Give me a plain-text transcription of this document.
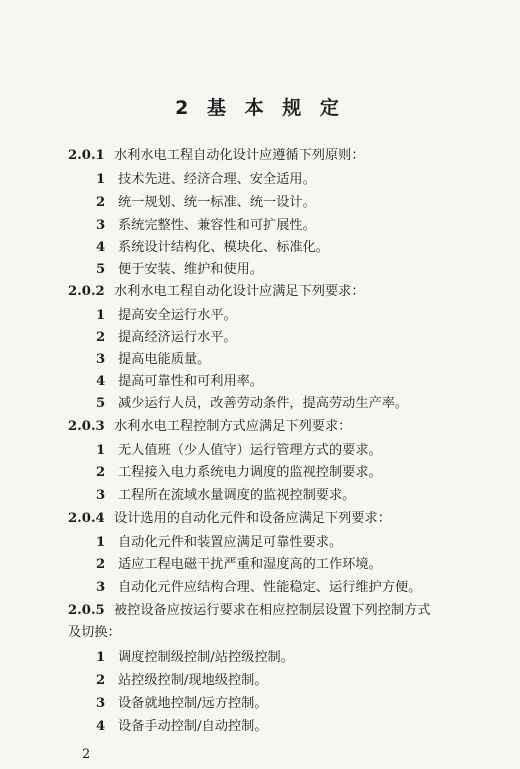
2 基 本 规 定
2.0.1 水利水电工程自动化设计应遵循下列原则：
1 技术先进、经济合理、安全适用。
2 统一规划、统一标准、统一设计。
3 系统完整性、兼容性和可扩展性。
4 系统设计结构化、模块化、标准化。
5 便于安装、维护和使用。
2.0.2 水利水电工程自动化设计应满足下列要求：
1 提高安全运行水平。
2 提高经济运行水平。
3 提高电能质量。
4 提高可靠性和可利用率。
5 减少运行人员，改善劳动条件，提高劳动生产率。
2.0.3 水利水电工程控制方式应满足下列要求：
1 无人值班（少人值守）运行管理方式的要求。
2 工程接入电力系统电力调度的监视控制要求。
3 工程所在流域水量调度的监视控制要求。
2.0.4 设计选用的自动化元件和设备应满足下列要求：
1 自动化元件和装置应满足可靠性要求。
2 适应工程电磁干扰严重和湿度高的工作环境。
3 自动化元件应结构合理、性能稳定、运行维护方便。
2.0.5 被控设备应按运行要求在相应控制层设置下列控制方式
及切换：
1 调度控制级控制/站控级控制。
2 站控级控制/现地级控制。
3 设备就地控制/远方控制。
4 设备手动控制/自动控制。
2
